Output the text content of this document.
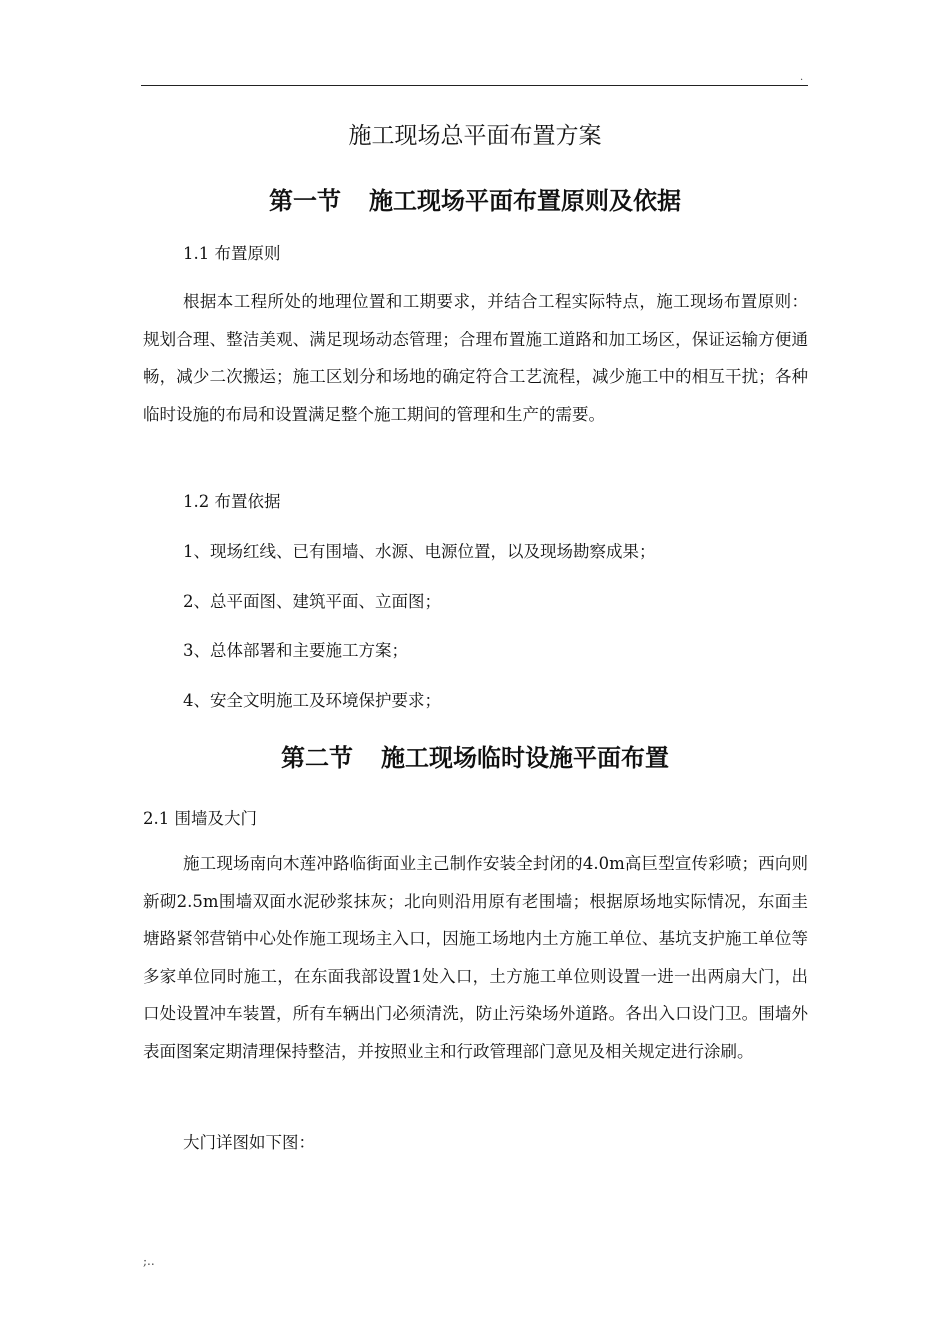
.
施工现场总平面布置方案
第一节 施工现场平面布置原则及依据
1.1 布置原则
根据本工程所处的地理位置和工期要求，并结合工程实际特点，施工现场布置原则：规划合理、整洁美观、满足现场动态管理；合理布置施工道路和加工场区，保证运输方便通畅，减少二次搬运；施工区划分和场地的确定符合工艺流程，减少施工中的相互干扰；各种临时设施的布局和设置满足整个施工期间的管理和生产的需要。
1.2 布置依据
1、现场红线、已有围墙、水源、电源位置，以及现场勘察成果；
2、总平面图、建筑平面、立面图；
3、总体部署和主要施工方案；
4、安全文明施工及环境保护要求；
第二节 施工现场临时设施平面布置
2.1 围墙及大门
施工现场南向木莲冲路临街面业主己制作安装全封闭的4.0m高巨型宣传彩喷；西向则新砌2.5m围墙双面水泥砂浆抹灰；北向则沿用原有老围墙；根据原场地实际情况，东面圭塘路紧邻营销中心处作施工现场主入口，因施工场地内土方施工单位、基坑支护施工单位等多家单位同时施工，在东面我部设置1处入口，土方施工单位则设置一进一出两扇大门，出口处设置冲车装置，所有车辆出门必须清洗，防止污染场外道路。各出入口设门卫。围墙外表面图案定期清理保持整洁，并按照业主和行政管理部门意见及相关规定进行涂刷。
大门详图如下图：
;..
